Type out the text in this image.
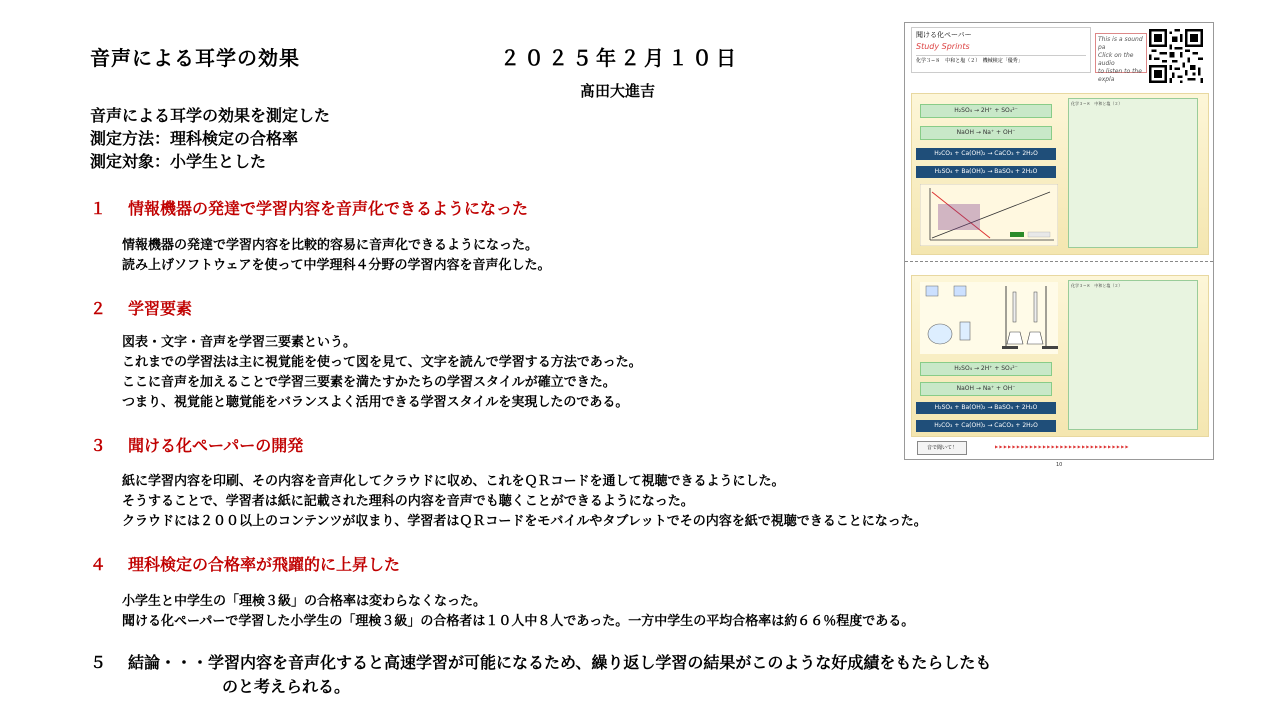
音声による耳学の効果	２０２５年２月１０日
髙田大進吉
音声による耳学の効果を測定した
測定方法：理科検定の合格率
測定対象：小学生とした
１ 情報機器の発達で学習内容を音声化できるようになった
情報機器の発達で学習内容を比較的容易に音声化できるようになった。
読み上げソフトウェアを使って中学理科４分野の学習内容を音声化した。
２ 学習要素
図表・文字・音声を学習三要素という。
これまでの学習法は主に視覚能を使って図を見て、文字を読んで学習する方法であった。
ここに音声を加えることで学習三要素を満たすかたちの学習スタイルが確立できた。
つまり、視覚能と聴覚能をバランスよく活用できる学習スタイルを実現したのである。
３ 聞ける化ペーパーの開発
紙に学習内容を印刷、その内容を音声化してクラウドに収め、これをＱＲコードを通して視聴できるようにした。
そうすることで、学習者は紙に記載された理科の内容を音声でも聴くことができるようになった。
クラウドには２００以上のコンテンツが収まり、学習者はＱＲコードをモバイルやタブレットでその内容を紙で視聴できることになった。
４ 理科検定の合格率が飛躍的に上昇した
小学生と中学生の「理検３級」の合格率は変わらなくなった。
聞ける化ペーパーで学習した小学生の「理検３級」の合格者は１０人中８人であった。一方中学生の平均合格率は約６６％程度である。
５ 結論・・・学習内容を音声化すると高速学習が可能になるため、繰り返し学習の結果がこのような好成績をもたらしたも
のと考えられる。
聞ける化ペーパー
Study Sprints
化学３−８　中和と塩（２）　機械検定「優秀」
This is a sound pa
Click on the audio
to listen to the expla
H₂SO₄ → 2H⁺ + SO₄²⁻
NaOH → Na⁺ + OH⁻
H₂CO₃ + Ca(OH)₂ → CaCO₃ + 2H₂O
H₂SO₄ + Ba(OH)₂ → BaSO₄ + 2H₂O
化学３−８　中和と塩（２）
H₂SO₄ → 2H⁺ + SO₄²⁻
NaOH → Na⁺ + OH⁻
H₂SO₄ + Ba(OH)₂ → BaSO₄ + 2H₂O
H₂CO₃ + Ca(OH)₂ → CaCO₃ + 2H₂O
化学３−８　中和と塩（２）
音で聞いて！	▶ ▶ ▶ ▶ ▶ ▶ ▶ ▶ ▶ ▶ ▶ ▶ ▶ ▶ ▶ ▶ ▶ ▶ ▶ ▶ ▶ ▶ ▶ ▶ ▶ ▶ ▶ ▶ ▶ ▶ ▶
10
